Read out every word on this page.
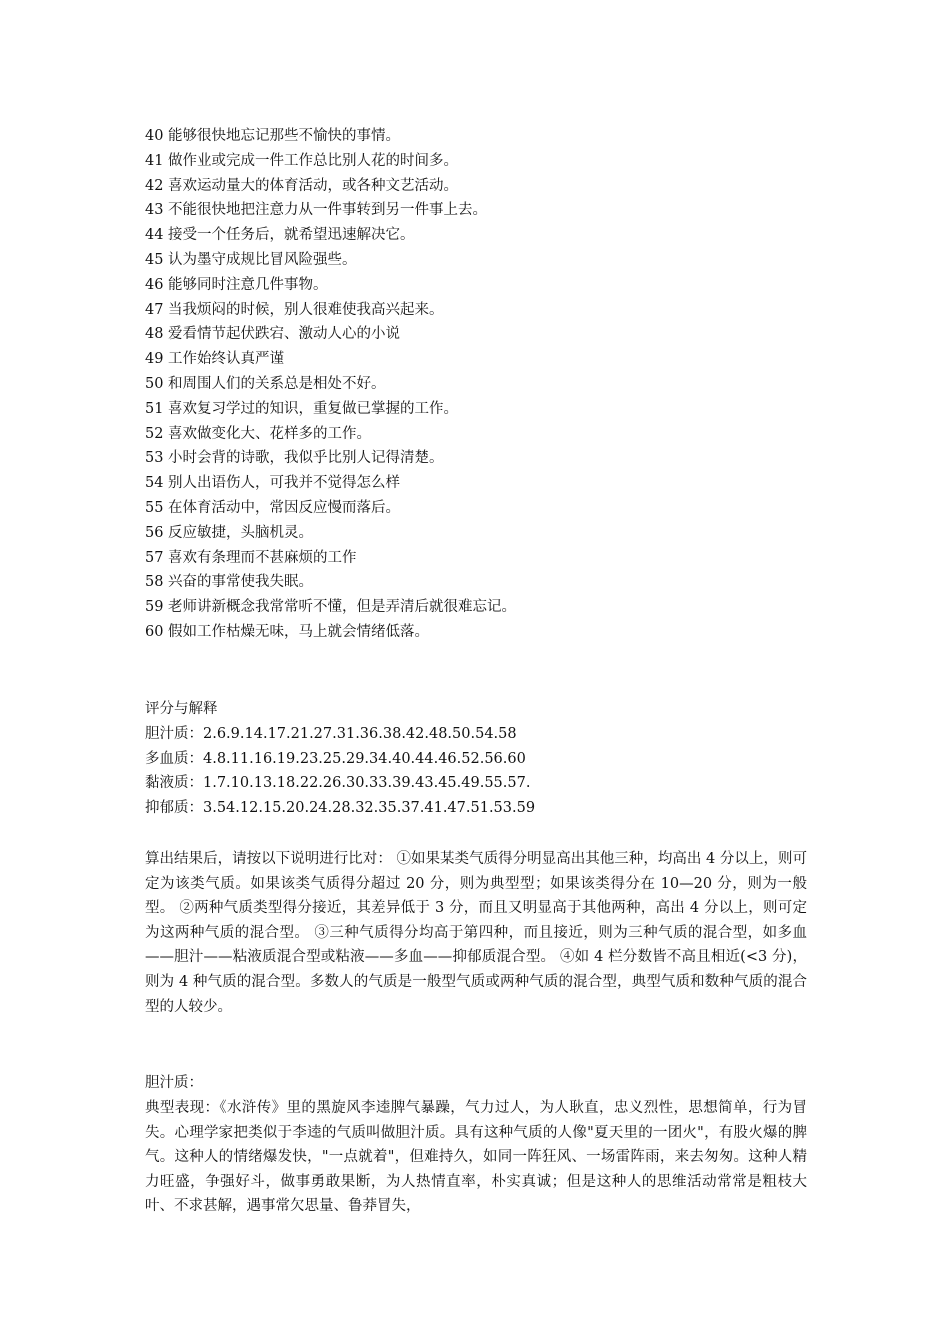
40 能够很快地忘记那些不愉快的事情。
41 做作业或完成一件工作总比别人花的时间多。
42 喜欢运动量大的体育活动，或各种文艺活动。
43 不能很快地把注意力从一件事转到另一件事上去。
44 接受一个任务后，就希望迅速解决它。
45 认为墨守成规比冒风险强些。
46 能够同时注意几件事物。
47 当我烦闷的时候，别人很难使我高兴起来。
48 爱看情节起伏跌宕、激动人心的小说
49 工作始终认真严谨
50 和周围人们的关系总是相处不好。
51 喜欢复习学过的知识，重复做已掌握的工作。
52 喜欢做变化大、花样多的工作。
53 小时会背的诗歌，我似乎比别人记得清楚。
54 别人出语伤人，可我并不觉得怎么样
55 在体育活动中，常因反应慢而落后。
56 反应敏捷，头脑机灵。
57 喜欢有条理而不甚麻烦的工作
58 兴奋的事常使我失眠。
59 老师讲新概念我常常听不懂，但是弄清后就很难忘记。
60 假如工作枯燥无味，马上就会情绪低落。
评分与解释
胆汁质：2.6.9.14.17.21.27.31.36.38.42.48.50.54.58
多血质：4.8.11.16.19.23.25.29.34.40.44.46.52.56.60
黏液质：1.7.10.13.18.22.26.30.33.39.43.45.49.55.57.
抑郁质：3.54.12.15.20.24.28.32.35.37.41.47.51.53.59
算出结果后，请按以下说明进行比对： ①如果某类气质得分明显高出其他三种，均高出 4 分以上，则可定为该类气质。如果该类气质得分超过 20 分，则为典型型；如果该类得分在 10—20 分，则为一般型。 ②两种气质类型得分接近，其差异低于 3 分，而且又明显高于其他两种，高出 4 分以上，则可定为这两种气质的混合型。 ③三种气质得分均高于第四种，而且接近，则为三种气质的混合型，如多血——胆汁——粘液质混合型或粘液——多血——抑郁质混合型。 ④如 4 栏分数皆不高且相近(<3 分)，则为 4 种气质的混合型。多数人的气质是一般型气质或两种气质的混合型，典型气质和数种气质的混合型的人较少。
胆汁质：
典型表现：《水浒传》里的黑旋风李逵脾气暴躁，气力过人，为人耿直，忠义烈性，思想简单，行为冒失。心理学家把类似于李逵的气质叫做胆汁质。具有这种气质的人像"夏天里的一团火"，有股火爆的脾气。这种人的情绪爆发快，"一点就着"，但难持久，如同一阵狂风、一场雷阵雨，来去匆匆。这种人精力旺盛，争强好斗，做事勇敢果断，为人热情直率，朴实真诚；但是这种人的思维活动常常是粗枝大叶、不求甚解，遇事常欠思量、鲁莽冒失，
